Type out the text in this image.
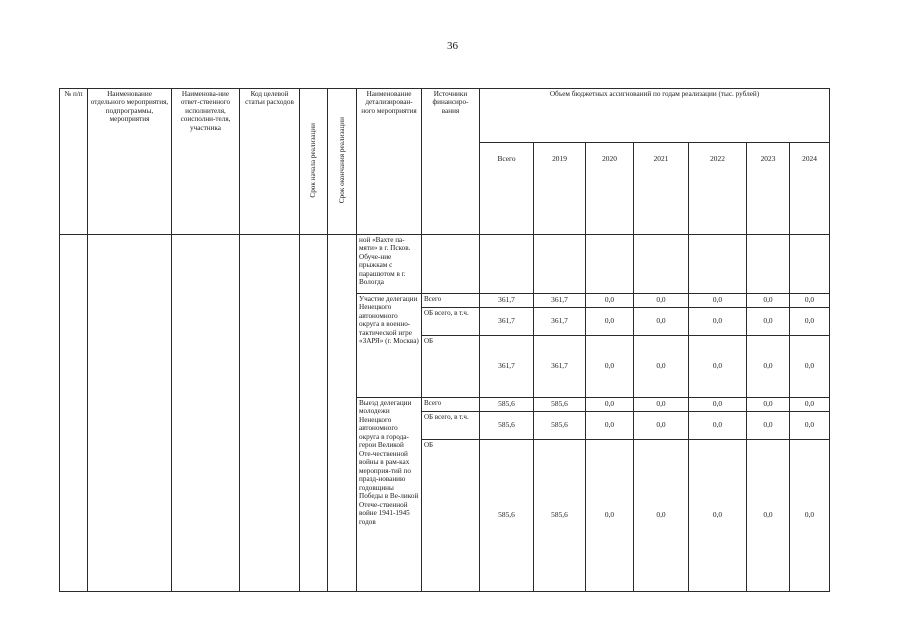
36
№ п/п	Наименование отдельного мероприятия, подпрограммы, мероприятия	Наименова-ние ответ-ственного исполнителя, соисполни-теля, участника	Код целевой статьи расходов	Срок начала реализации	Срок окончания реализации	Наименование детализирован-ного мероприятия	Источники финансиро-вания	Объем бюджетных ассигнований по годам реализации (тыс. рублей)						
								Всего	2019	2020	2021	2022	2023	2024
						ной «Вахте па-мяти» в г. Псков. Обуче-ние прыжкам с парашютом в г. Вологда								
						Участие делегации Ненецкого автономного округа в военно-тактической игре «ЗАРЯ» (г. Москва)	Всего	361,7	361,7	0,0	0,0	0,0	0,0	0,0
							ОБ всего, в т.ч.	361,7	361,7	0,0	0,0	0,0	0,0	0,0
							ОБ	361,7	361,7	0,0	0,0	0,0	0,0	0,0
						Выезд делегации молодежи Ненецкого автономного округа в города-герои Великой Оте-чественной войны в рам-ках мероприя-тий по празд-нованию годовщины Победы в Ве-ликой Отече-ственной войне 1941-1945 годов	Всего	585,6	585,6	0,0	0,0	0,0	0,0	0,0
							ОБ всего, в т.ч.	585,6	585,6	0,0	0,0	0,0	0,0	0,0
							ОБ	585,6	585,6	0,0	0,0	0,0	0,0	0,0
